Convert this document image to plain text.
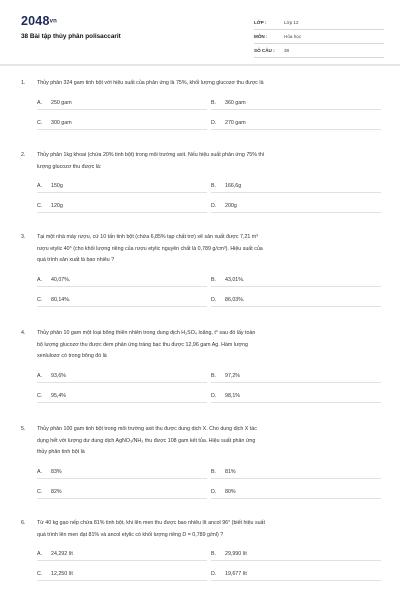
2048vn
38 Bài tập thủy phân polisaccarit
LỚP :	Lớp 12
MÔN :	Hóa học
SỐ CÂU : 38
1. Thủy phân 324 gam tinh bột với hiệu suất của phản ứng là 75%, khối lượng glucozơ thu được là
A. 250 gam	B. 360 gam
C. 300 gam	D. 270 gam
2. Thủy phân 1kg khoai (chứa 20% tinh bột) trong môi trường axit. Nếu hiệu suất phản ứng 75% thì
lượng glucozơ thu được là:
A. 150g	B. 166,6g
C. 120g	D. 200g
3. Tại một nhà máy rượu, cứ 10 tấn tinh bột (chứa 6,85% tạp chất trơ) sẽ sản xuất được 7,21 m³
rượu etylic 40° (cho khối lượng riêng của rượu etylic nguyên chất là 0,789 g/cm³). Hiệu suất của
quá trình sản xuất là bao nhiêu ?
A. 40,07%.	B. 43,01%.
C. 80,14%.	D. 86,03%.
4. Thủy phân 10 gam một loại bông thiên nhiên trong dung dịch H₂SO₄ loãng, t° sau đó lấy toàn
bộ lượng glucozơ thu được đem phản ứng tráng bạc thu được 12,96 gam Ag. Hàm lượng
xenlulozơ có trong bông đó là
A. 93,6%	B. 97,2%
C. 95,4%	D. 98,1%
5. Thủy phân 100 gam tinh bột trong môi trường axit thu được dung dịch X. Cho dung dịch X tác
dụng hết với lượng dư dung dịch AgNO₃/NH₃ thu được 108 gam kết tủa. Hiệu suất phản ứng
thủy phân tinh bột là
A. 83%	B. 81%
C. 82%	D. 80%
6. Từ 40 kg gạo nếp chứa 81% tinh bột, khi lên men thu được bao nhiêu lít ancol 96° (biết hiệu suất
quá trình lên men đạt 81% và ancol etylic có khối lượng riêng D = 0,789 g/ml) ?
A. 24,292 lít	B. 29,990 lít
C. 12,250 lít	D. 19,677 lít
